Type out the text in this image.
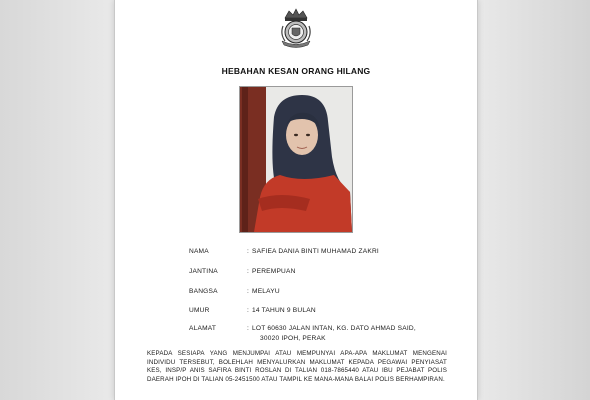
HEBAHAN KESAN ORANG HILANG
NAMA	: SAFIEA DANIA BINTI MUHAMAD ZAKRI
JANTINA	: PEREMPUAN
BANGSA	: MELAYU
UMUR	: 14 TAHUN 9 BULAN
ALAMAT	: LOT 60630 JALAN INTAN, KG. DATO AHMAD SAID,
30020 IPOH, PERAK
KEPADA SESIAPA YANG MENJUMPAI ATAU MEMPUNYAI APA-APA MAKLUMAT MENGENAI INDIVIDU TERSEBUT, BOLEHLAH MENYALURKAN MAKLUMAT KEPADA PEGAWAI PENYIASAT KES, INSP/P ANIS SAFIRA BINTI ROSLAN DI TALIAN 018-7865440 ATAU IBU PEJABAT POLIS DAERAH IPOH DI TALIAN 05-2451500 ATAU TAMPIL KE MANA-MANA BALAI POLIS BERHAMPIRAN.
